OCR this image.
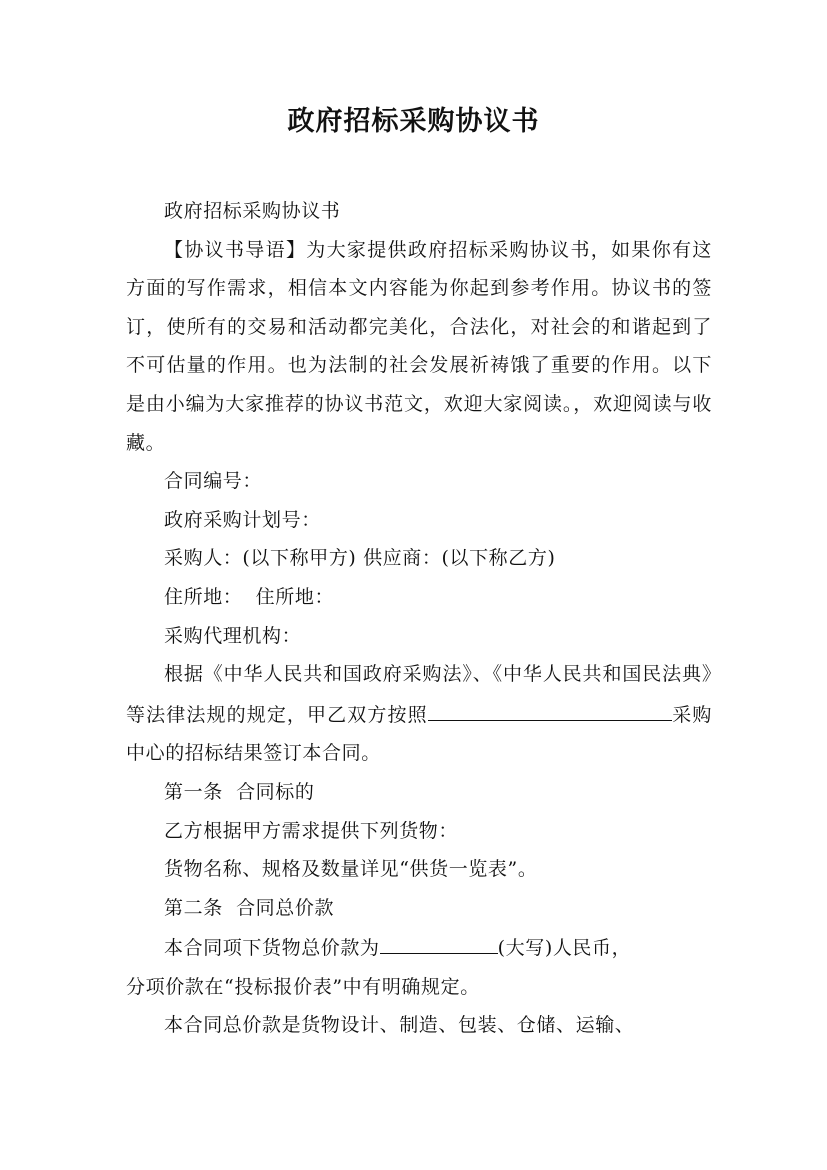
政府招标采购协议书

政府招标采购协议书

【协议书导语】为大家提供政府招标采购协议书，如果你有这方面的写作需求，相信本文内容能为你起到参考作用。协议书的签订，使所有的交易和活动都完美化，合法化，对社会的和谐起到了不可估量的作用。也为法制的社会发展祈祷饿了重要的作用。以下是由小编为大家推荐的协议书范文，欢迎大家阅读。，欢迎阅读与收藏。

合同编号：

政府采购计划号：

采购人：(以下称甲方) 供应商：(以下称乙方)

住所地：  住所地：

采购代理机构：

根据《中华人民共和国政府采购法》、《中华人民共和国民法典》等法律法规的规定，甲乙双方按照	采购中心的招标结果签订本合同。

第一条  合同标的

乙方根据甲方需求提供下列货物：

货物名称、规格及数量详见“供货一览表”。

第二条  合同总价款

本合同项下货物总价款为	(大写)人民币，

分项价款在“投标报价表”中有明确规定。

本合同总价款是货物设计、制造、包装、仓储、运输、
